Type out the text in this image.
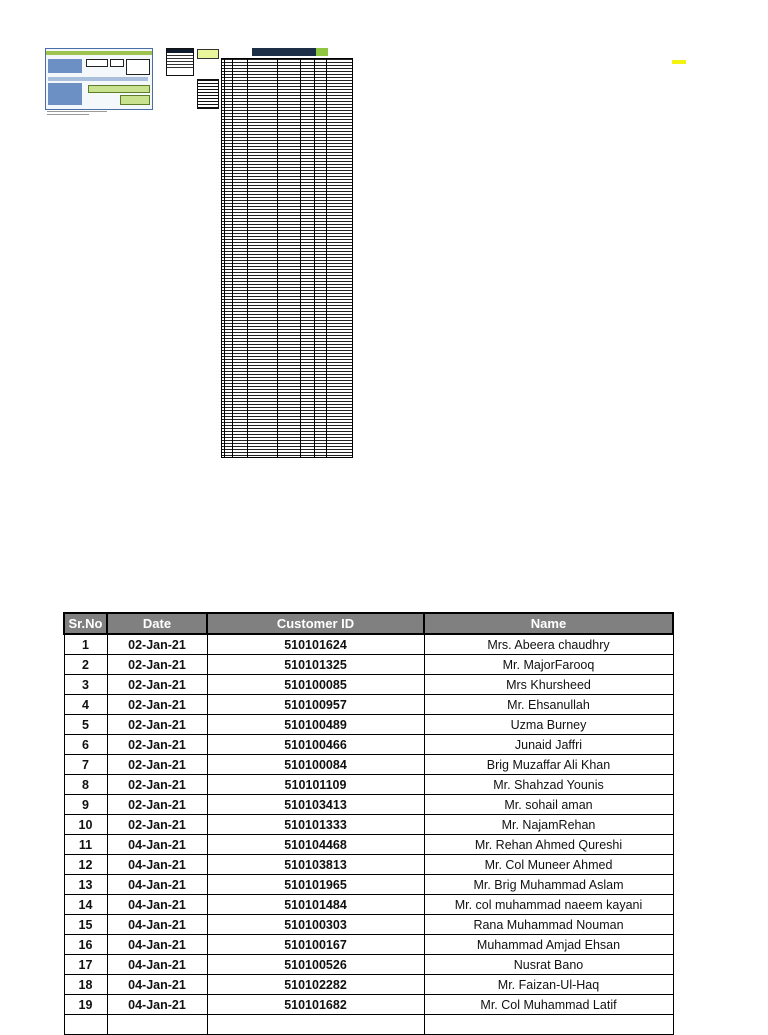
Sr.No	Date	Customer ID	Name
1	02-Jan-21	510101624	Mrs. Abeera chaudhry
2	02-Jan-21	510101325	Mr. MajorFarooq
3	02-Jan-21	510100085	Mrs Khursheed
4	02-Jan-21	510100957	Mr. Ehsanullah
5	02-Jan-21	510100489	Uzma Burney
6	02-Jan-21	510100466	Junaid Jaffri
7	02-Jan-21	510100084	Brig Muzaffar Ali Khan
8	02-Jan-21	510101109	Mr. Shahzad Younis
9	02-Jan-21	510103413	Mr. sohail aman
10	02-Jan-21	510101333	Mr. NajamRehan
11	04-Jan-21	510104468	Mr. Rehan Ahmed Qureshi
12	04-Jan-21	510103813	Mr. Col Muneer Ahmed
13	04-Jan-21	510101965	Mr. Brig Muhammad Aslam
14	04-Jan-21	510101484	Mr. col muhammad naeem kayani
15	04-Jan-21	510100303	Rana Muhammad Nouman
16	04-Jan-21	510100167	Muhammad Amjad Ehsan
17	04-Jan-21	510100526	Nusrat Bano
18	04-Jan-21	510102282	Mr. Faizan-Ul-Haq
19	04-Jan-21	510101682	Mr. Col Muhammad Latif
